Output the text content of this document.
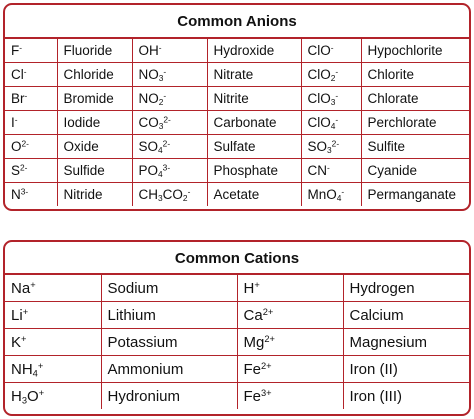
Common Anions
F-	Fluoride	OH-	Hydroxide	ClO-	Hypochlorite
Cl-	Chloride	$NO_3^-$	Nitrate	ClO$_2$-	Chlorite
Br-	Bromide	$NO_2^-$	Nitrite	ClO$_3$-	Chlorate
I-	Iodide	$CO_3^{2-}$	Carbonate	ClO$_4$-	Perchlorate
$O^{2-}$	Oxide	$SO_4^{2-}$	Sulfate	$SO_3^{2-}$	Sulfite
$S^{2-}$	Sulfide	$PO_4^{3-}$	Phosphate	CN-	Cyanide
$N^{3-}$	Nitride	$CH_3CO_2^-$	Acetate	MnO$_4$-	Permanganate
Common Cations
Na+	Sodium	H+	Hydrogen
Li+	Lithium	$Ca^{2+}$	Calcium
K+	Potassium	$Mg^{2+}$	Magnesium
$NH_4^+$	Ammonium	$Fe^{2+}$	Iron (II)
$H_3O^+$	Hydronium	$Fe^{3+}$	Iron (III)
